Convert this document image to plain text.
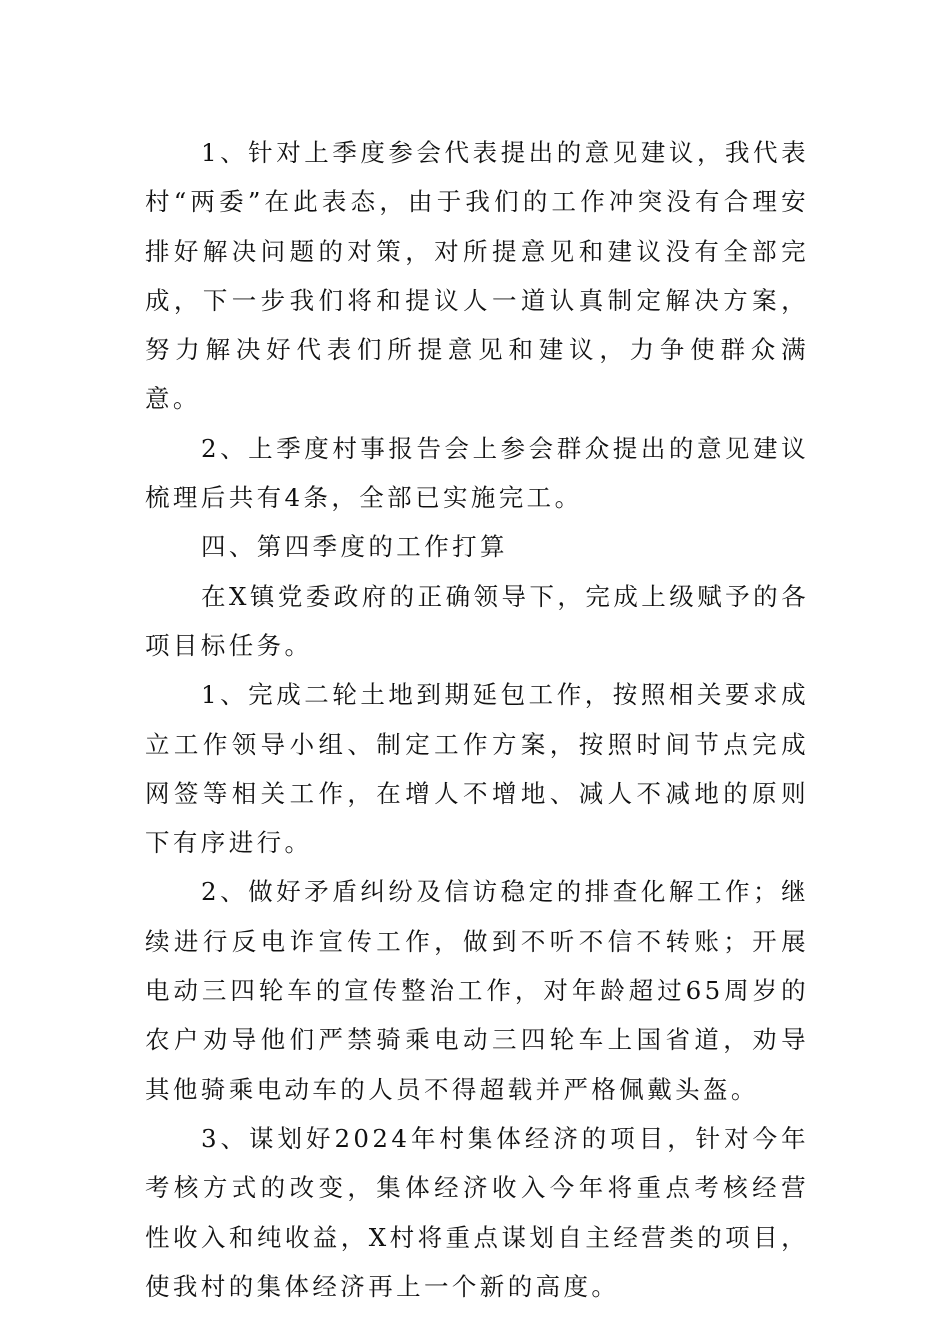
1、针对上季度参会代表提出的意见建议，我代表村“两委”在此表态，由于我们的工作冲突没有合理安排好解决问题的对策，对所提意见和建议没有全部完成，下一步我们将和提议人一道认真制定解决方案，努力解决好代表们所提意见和建议，力争使群众满意。

2、上季度村事报告会上参会群众提出的意见建议梳理后共有4条，全部已实施完工。

四、第四季度的工作打算

在X镇党委政府的正确领导下，完成上级赋予的各项目标任务。

1、完成二轮土地到期延包工作，按照相关要求成立工作领导小组、制定工作方案，按照时间节点完成网签等相关工作，在增人不增地、减人不减地的原则下有序进行。

2、做好矛盾纠纷及信访稳定的排查化解工作；继续进行反电诈宣传工作，做到不听不信不转账；开展电动三四轮车的宣传整治工作，对年龄超过65周岁的农户劝导他们严禁骑乘电动三四轮车上国省道，劝导其他骑乘电动车的人员不得超载并严格佩戴头盔。

3、谋划好2024年村集体经济的项目，针对今年考核方式的改变，集体经济收入今年将重点考核经营性收入和纯收益，X村将重点谋划自主经营类的项目，使我村的集体经济再上一个新的高度。
